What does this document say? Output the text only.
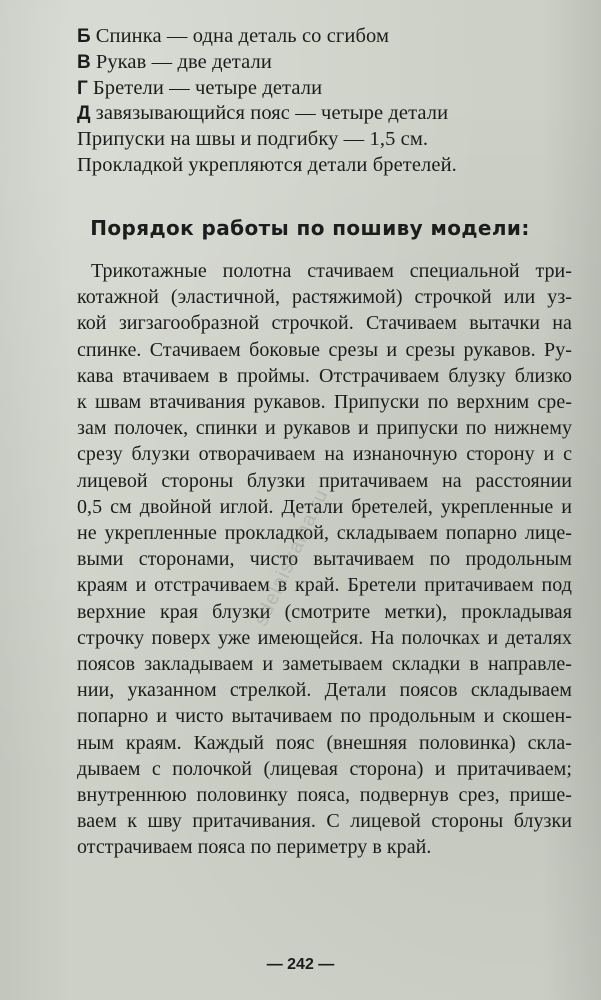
Б Спинка — одна деталь со сгибом
В Рукав — две детали
Г Бретели — четыре детали
Д завязывающийся пояс — четыре детали
Припуски на швы и подгибку — 1,5 см.
Прокладкой укрепляются детали бретелей.
Порядок работы по пошиву модели:
Трикотажные полотна стачиваем специальной три-
котажной (эластичной, растяжимой) строчкой или уз-
кой зигзагообразной строчкой. Стачиваем вытачки на
спинке. Стачиваем боковые срезы и срезы рукавов. Ру-
кава втачиваем в проймы. Отстрачиваем блузку близко
к швам втачивания рукавов. Припуски по верхним сре-
зам полочек, спинки и рукавов и припуски по нижнему
срезу блузки отворачиваем на изнаночную сторону и с
лицевой стороны блузки притачиваем на расстоянии
0,5 см двойной иглой. Детали бретелей, укрепленные и
не укрепленные прокладкой, складываем попарно лице-
выми сторонами, чисто вытачиваем по продольным
краям и отстрачиваем в край. Бретели притачиваем под
верхние края блузки (смотрите метки), прокладывая
строчку поверх уже имеющейся. На полочках и деталях
поясов закладываем и заметываем складки в направле-
нии, указанном стрелкой. Детали поясов складываем
попарно и чисто вытачиваем по продольным и скошен-
ным краям. Каждый пояс (внешняя половинка) скла-
дываем с полочкой (лицевая сторона) и притачиваем;
внутреннюю половинку пояса, подвернув срез, прише-
ваем к шву притачивания. С лицевой стороны блузки
отстрачиваем пояса по периметру в край.
sdelaiskaina.ru
— 242 —
